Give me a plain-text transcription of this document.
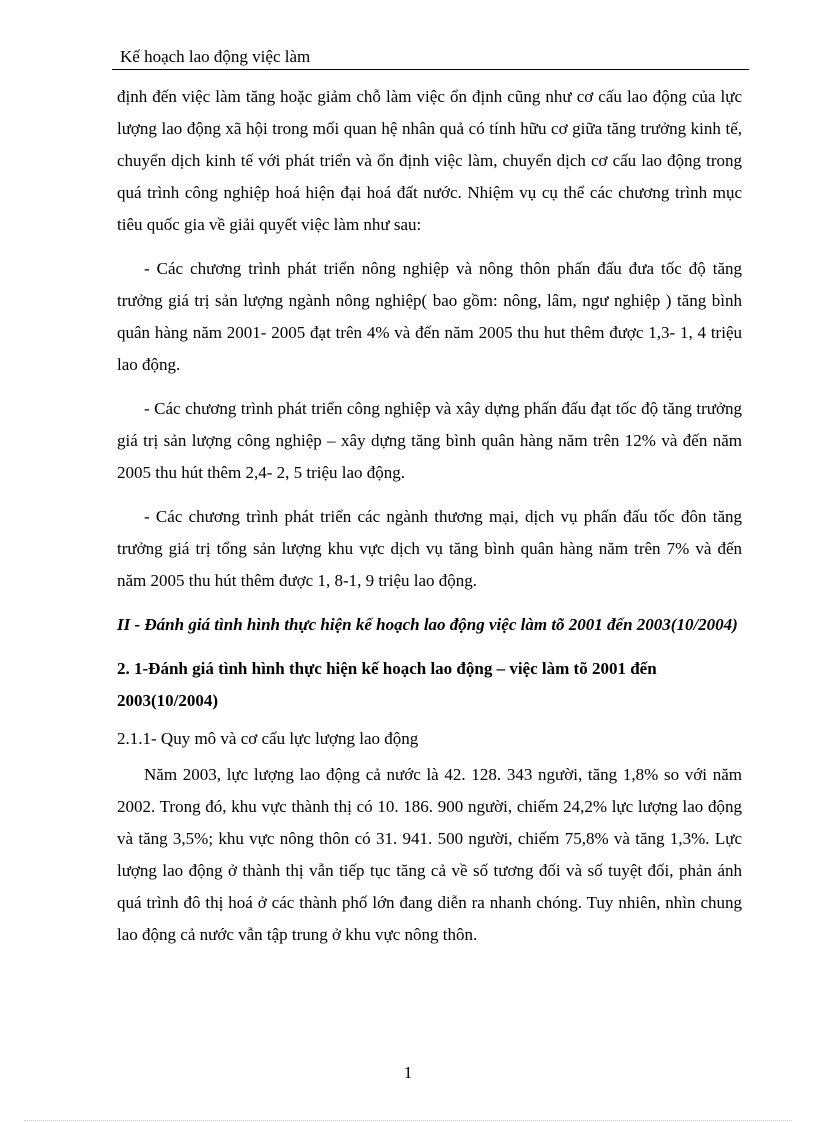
Kế hoạch lao động việc làm

định đến việc làm tăng hoặc giảm chỗ làm việc ổn định cũng như cơ cấu lao động của lực lượng lao động xã hội trong mối quan hệ nhân quả có tính hữu cơ giữa tăng trưởng kinh tế, chuyển dịch kinh tế với phát triển và ổn định việc làm, chuyển dịch cơ cấu lao động trong quá trình công nghiệp hoá hiện đại hoá đất nước. Nhiệm vụ cụ thể các chương trình mục tiêu quốc gia về giải quyết việc làm như sau:

- Các chương trình phát triển nông nghiệp và nông thôn phấn đấu đưa tốc độ tăng trưởng giá trị sản lượng ngành nông nghiệp( bao gồm: nông, lâm, ngư nghiệp ) tăng bình quân hàng năm 2001- 2005 đạt trên 4% và đến năm 2005 thu hut thêm được 1,3- 1, 4 triệu lao động.

- Các chương trình phát triển công nghiệp và xây dựng phấn đấu đạt tốc độ tăng trưởng giá trị sản lượng công nghiệp – xây dựng tăng bình quân hàng năm trên 12% và đến năm 2005 thu hút thêm 2,4- 2, 5 triệu lao động.

- Các chương trình phát triển các ngành thương mại, dịch vụ phấn đấu tốc đôn tăng trưởng giá trị tổng sản lượng khu vực dịch vụ tăng bình quân hàng năm trên 7% và đến năm 2005 thu hút thêm được 1, 8-1, 9 triệu lao động.

II - Đánh giá tình hình thực hiện kế hoạch lao động việc làm tõ 2001 đến 2003(10/2004)
2. 1-Đánh giá tình hình thực hiện kế hoạch lao động – việc làm tõ 2001 đến 2003(10/2004)
2.1.1- Quy mô và cơ cấu lực lượng lao động

Năm 2003, lực lượng lao động cả nước là 42. 128. 343 người, tăng 1,8% so với năm 2002. Trong đó, khu vực thành thị có 10. 186. 900 người, chiếm 24,2% lực lượng lao động và tăng 3,5%; khu vực nông thôn có 31. 941. 500 người, chiếm 75,8% và tăng 1,3%. Lực lượng lao động ở thành thị vẫn tiếp tục tăng cả về số tương đối và số tuyệt đối, phản ánh quá trình đô thị hoá ở các thành phố lớn đang diễn ra nhanh chóng. Tuy nhiên, nhìn chung lao động cả nước vẫn tập trung ở khu vực nông thôn.

1
